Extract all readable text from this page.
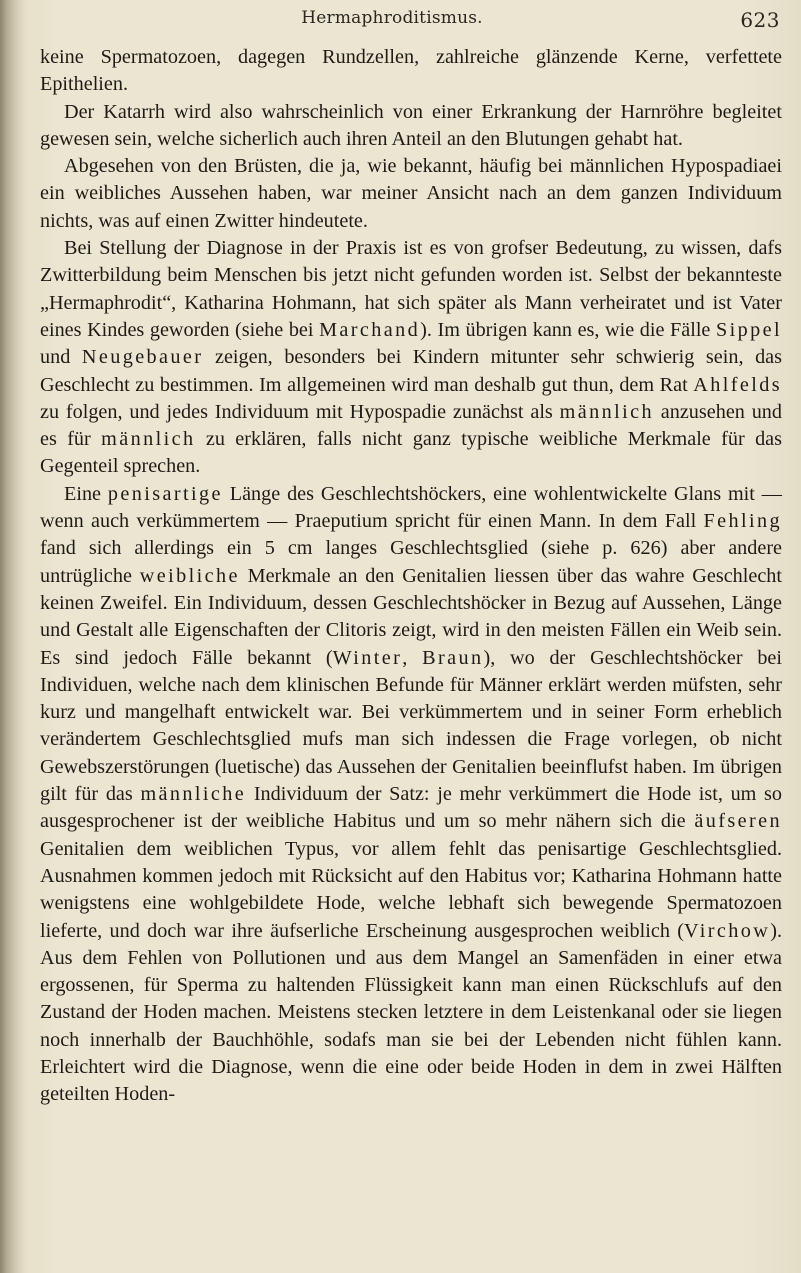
Hermaphroditismus.	623

keine Spermatozoen, dagegen Rundzellen, zahlreiche glänzende Kerne, verfettete Epithelien.

Der Katarrh wird also wahrscheinlich von einer Erkrankung der Harnröhre begleitet gewesen sein, welche sicherlich auch ihren Anteil an den Blutungen gehabt hat.

Abgesehen von den Brüsten, die ja, wie bekannt, häufig bei männlichen Hypospadiaei ein weibliches Aussehen haben, war meiner Ansicht nach an dem ganzen Individuum nichts, was auf einen Zwitter hindeutete.

Bei Stellung der Diagnose in der Praxis ist es von grofser Bedeutung, zu wissen, dafs Zwitterbildung beim Menschen bis jetzt nicht gefunden worden ist. Selbst der bekannteste „Hermaphrodit“, Katharina Hohmann, hat sich später als Mann verheiratet und ist Vater eines Kindes geworden (siehe bei Marchand). Im übrigen kann es, wie die Fälle Sippel und Neugebauer zeigen, besonders bei Kindern mitunter sehr schwierig sein, das Geschlecht zu bestimmen. Im allgemeinen wird man deshalb gut thun, dem Rat Ahlfelds zu folgen, und jedes Individuum mit Hypospadie zunächst als männlich anzusehen und es für männlich zu erklären, falls nicht ganz typische weibliche Merkmale für das Gegenteil sprechen.

Eine penisartige Länge des Geschlechtshöckers, eine wohlentwickelte Glans mit — wenn auch verkümmertem — Praeputium spricht für einen Mann. In dem Fall Fehling fand sich allerdings ein 5 cm langes Geschlechtsglied (siehe p. 626) aber andere untrügliche weibliche Merkmale an den Genitalien liessen über das wahre Geschlecht keinen Zweifel. Ein Individuum, dessen Geschlechtshöcker in Bezug auf Aussehen, Länge und Gestalt alle Eigenschaften der Clitoris zeigt, wird in den meisten Fällen ein Weib sein. Es sind jedoch Fälle bekannt (Winter, Braun), wo der Geschlechtshöcker bei Individuen, welche nach dem klinischen Befunde für Männer erklärt werden müfsten, sehr kurz und mangelhaft entwickelt war. Bei verkümmertem und in seiner Form erheblich verändertem Geschlechtsglied mufs man sich indessen die Frage vorlegen, ob nicht Gewebszerstörungen (luetische) das Aussehen der Genitalien beeinflufst haben. Im übrigen gilt für das männliche Individuum der Satz: je mehr verkümmert die Hode ist, um so ausgesprochener ist der weibliche Habitus und um so mehr nähern sich die äufseren Genitalien dem weiblichen Typus, vor allem fehlt das penisartige Geschlechtsglied. Ausnahmen kommen jedoch mit Rücksicht auf den Habitus vor; Katharina Hohmann hatte wenigstens eine wohlgebildete Hode, welche lebhaft sich bewegende Spermatozoen lieferte, und doch war ihre äufserliche Erscheinung ausgesprochen weiblich (Virchow). Aus dem Fehlen von Pollutionen und aus dem Mangel an Samenfäden in einer etwa ergossenen, für Sperma zu haltenden Flüssigkeit kann man einen Rückschlufs auf den Zustand der Hoden machen. Meistens stecken letztere in dem Leistenkanal oder sie liegen noch innerhalb der Bauchhöhle, sodafs man sie bei der Lebenden nicht fühlen kann. Erleichtert wird die Diagnose, wenn die eine oder beide Hoden in dem in zwei Hälften geteilten Hoden-
